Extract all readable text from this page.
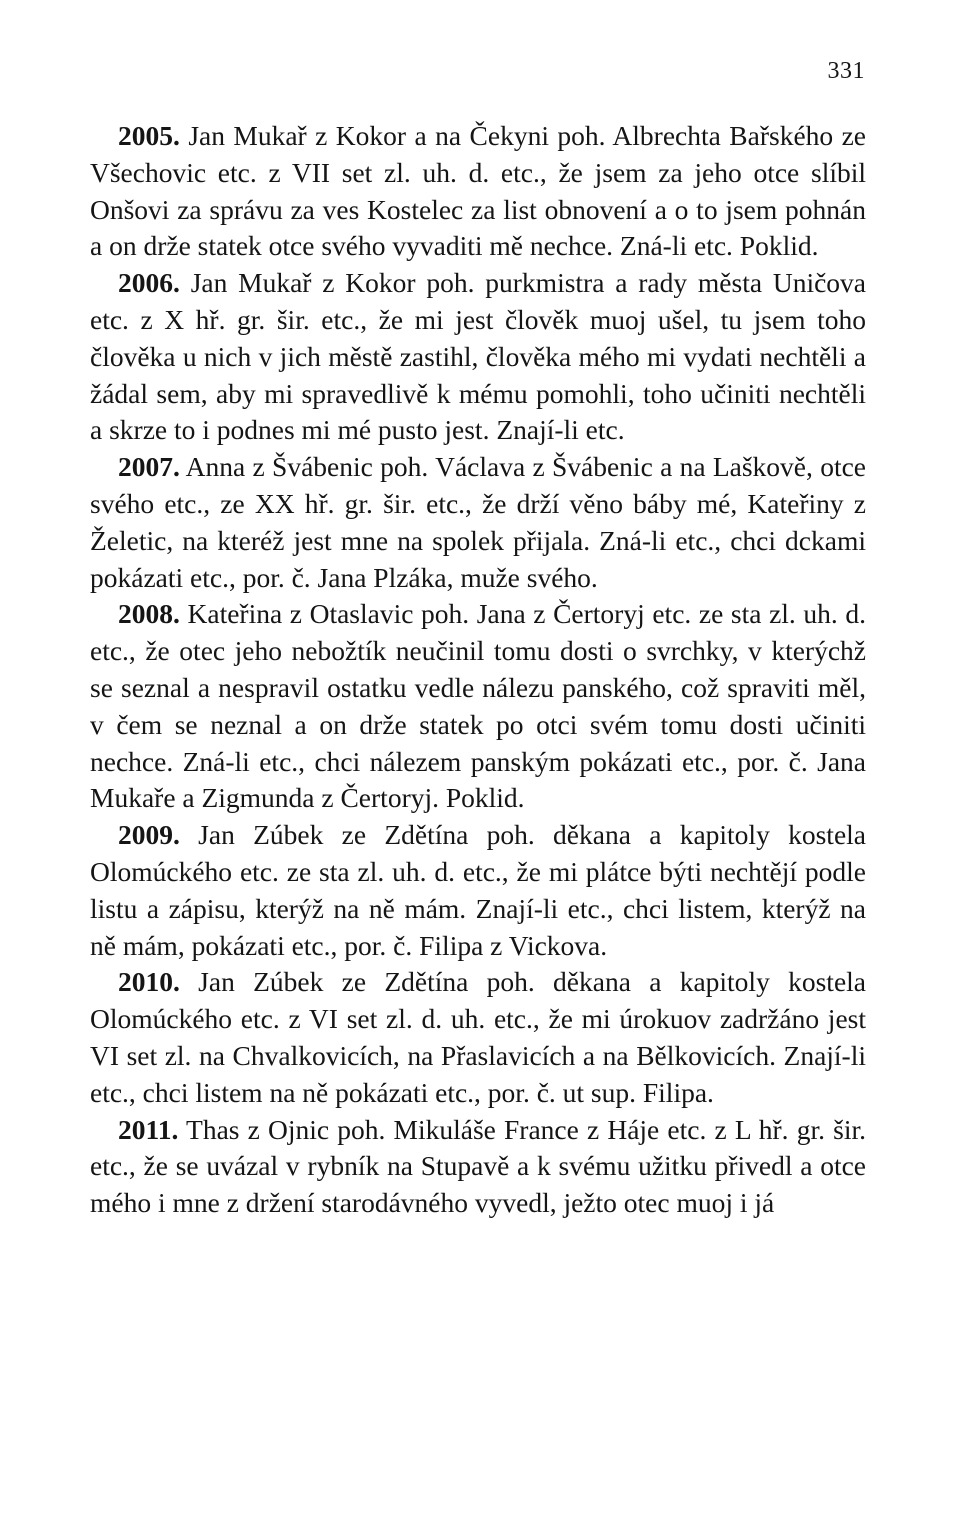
331

2005. Jan Mukař z Kokor a na Čekyni poh. Albrechta Bařského ze Všechovic etc. z VII set zl. uh. d. etc., že jsem za jeho otce slíbil Onšovi za správu za ves Kostelec za list obnovení a o to jsem pohnán a on drže statek otce svého vyvaditi mě nechce. Zná-li etc. Poklid.

2006. Jan Mukař z Kokor poh. purkmistra a rady města Uničova etc. z X hř. gr. šir. etc., že mi jest člověk muoj ušel, tu jsem toho člověka u nich v jich městě zastihl, člověka mého mi vydati nechtěli a žádal sem, aby mi spravedlivě k mému pomohli, toho učiniti nechtěli a skrze to i podnes mi mé pusto jest. Znají-li etc.

2007. Anna z Švábenic poh. Václava z Švábenic a na Laškově, otce svého etc., ze XX hř. gr. šir. etc., že drží věno báby mé, Kateřiny z Želetic, na kteréž jest mne na spolek přijala. Zná-li etc., chci dckami pokázati etc., por. č. Jana Plzáka, muže svého.

2008. Kateřina z Otaslavic poh. Jana z Čertoryj etc. ze sta zl. uh. d. etc., že otec jeho nebožtík neučinil tomu dosti o svrchky, v kterýchž se seznal a nespravil ostatku vedle nálezu panského, což spraviti měl, v čem se neznal a on drže statek po otci svém tomu dosti učiniti nechce. Zná-li etc., chci nálezem panským pokázati etc., por. č. Jana Mukaře a Zigmunda z Čertoryj. Poklid.

2009. Jan Zúbek ze Zdětína poh. děkana a kapitoly kostela Olomúckého etc. ze sta zl. uh. d. etc., že mi plátce býti nechtějí podle listu a zápisu, kterýž na ně mám. Znají-li etc., chci listem, kterýž na ně mám, pokázati etc., por. č. Filipa z Vickova.

2010. Jan Zúbek ze Zdětína poh. děkana a kapitoly kostela Olomúckého etc. z VI set zl. d. uh. etc., že mi úrokuov zadržáno jest VI set zl. na Chvalkovicích, na Přaslavicích a na Bělkovicích. Znají-li etc., chci listem na ně pokázati etc., por. č. ut sup. Filipa.

2011. Thas z Ojnic poh. Mikuláše France z Háje etc. z L hř. gr. šir. etc., že se uvázal v rybník na Stupavě a k svému užitku přivedl a otce mého i mne z držení starodávného vyvedl, ježto otec muoj i já
